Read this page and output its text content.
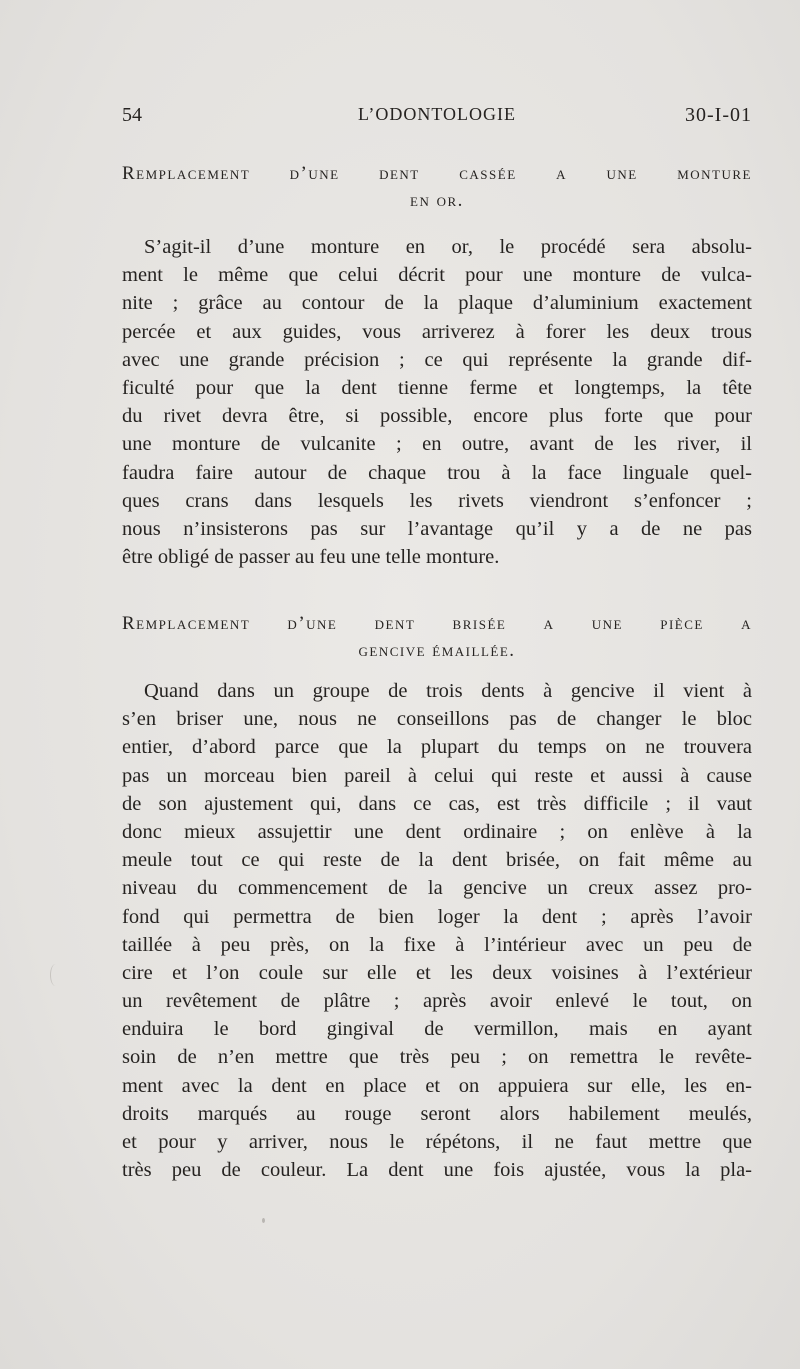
54	L’ODONTOLOGIE	30-I-01
Remplacement d’une dent cassée a une monture
en or.
S’agit-il d’une monture en or, le procédé sera absolu-
ment le même que celui décrit pour une monture de vulca-
nite ; grâce au contour de la plaque d’aluminium exactement
percée et aux guides, vous arriverez à forer les deux trous
avec une grande précision ; ce qui représente la grande dif-
ficulté pour que la dent tienne ferme et longtemps, la tête
du rivet devra être, si possible, encore plus forte que pour
une monture de vulcanite ; en outre, avant de les river, il
faudra faire autour de chaque trou à la face linguale quel-
ques crans dans lesquels les rivets viendront s’enfoncer ;
nous n’insisterons pas sur l’avantage qu’il y a de ne pas
être obligé de passer au feu une telle monture.
Remplacement d’une dent brisée a une pièce a
gencive émaillée.
Quand dans un groupe de trois dents à gencive il vient à
s’en briser une, nous ne conseillons pas de changer le bloc
entier, d’abord parce que la plupart du temps on ne trouvera
pas un morceau bien pareil à celui qui reste et aussi à cause
de son ajustement qui, dans ce cas, est très difficile ; il vaut
donc mieux assujettir une dent ordinaire ; on enlève à la
meule tout ce qui reste de la dent brisée, on fait même au
niveau du commencement de la gencive un creux assez pro-
fond qui permettra de bien loger la dent ; après l’avoir
taillée à peu près, on la fixe à l’intérieur avec un peu de
cire et l’on coule sur elle et les deux voisines à l’extérieur
un revêtement de plâtre ; après avoir enlevé le tout, on
enduira le bord gingival de vermillon, mais en ayant
soin de n’en mettre que très peu ; on remettra le revête-
ment avec la dent en place et on appuiera sur elle, les en-
droits marqués au rouge seront alors habilement meulés,
et pour y arriver, nous le répétons, il ne faut mettre que
très peu de couleur. La dent une fois ajustée, vous la pla-
